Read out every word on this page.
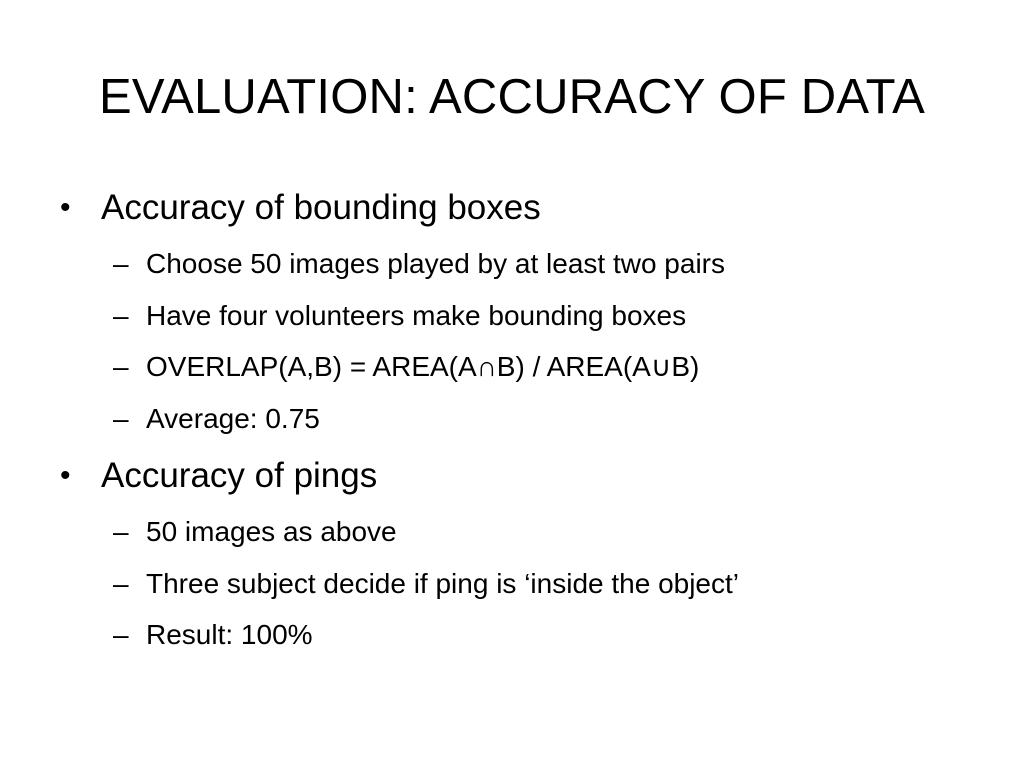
EVALUATION: ACCURACY OF DATA
• Accuracy of bounding boxes
– Choose 50 images played by at least two pairs
– Have four volunteers make bounding boxes
– OVERLAP(A,B) = AREA(A∩B) / AREA(A∪B)
– Average: 0.75
• Accuracy of pings
– 50 images as above
– Three subject decide if ping is ‘inside the object’
– Result: 100%
